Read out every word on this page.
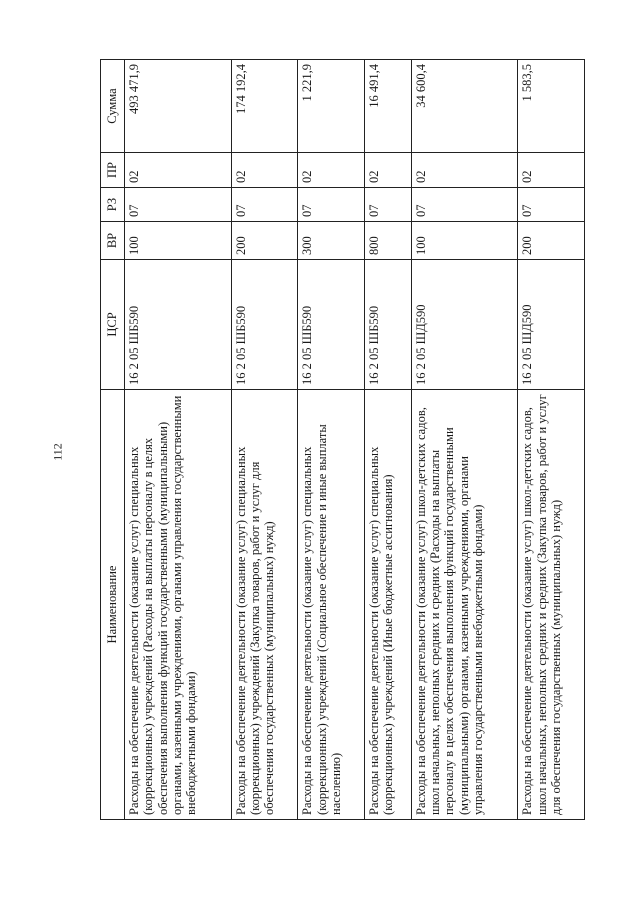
112
Наименование	ЦСР	ВР	РЗ	ПР	Сумма
Расходы на обеспечение деятельности (оказание услуг) специальных (коррекционных) учреждений (Расходы на выплаты персоналу в целях обеспечения выполнения функций государственными (муниципальными) органами, казенными учреждениями, органами управления государственными внебюджетными фондами)	16 2 05 ШБ590	100	07	02	493 471,9
Расходы на обеспечение деятельности (оказание услуг) специальных (коррекционных) учреждений (Закупка товаров, работ и услуг для обеспечения государственных (муниципальных) нужд)	16 2 05 ШБ590	200	07	02	174 192,4
Расходы на обеспечение деятельности (оказание услуг) специальных (коррекционных) учреждений (Социальное обеспечение и иные выплаты населению)	16 2 05 ШБ590	300	07	02	1 221,9
Расходы на обеспечение деятельности (оказание услуг) специальных (коррекционных) учреждений (Иные бюджетные ассигнования)	16 2 05 ШБ590	800	07	02	16 491,4
Расходы на обеспечение деятельности (оказание услуг) школ-детских садов, школ начальных, неполных средних и средних (Расходы на выплаты персоналу в целях обеспечения выполнения функций государственными (муниципальными) органами, казенными учреждениями, органами управления государственными внебюджетными фондами)	16 2 05 ШД590	100	07	02	34 600,4
Расходы на обеспечение деятельности (оказание услуг) школ-детских садов, школ начальных, неполных средних и средних (Закупка товаров, работ и услуг для обеспечения государственных (муниципальных) нужд)	16 2 05 ШД590	200	07	02	1 583,5
